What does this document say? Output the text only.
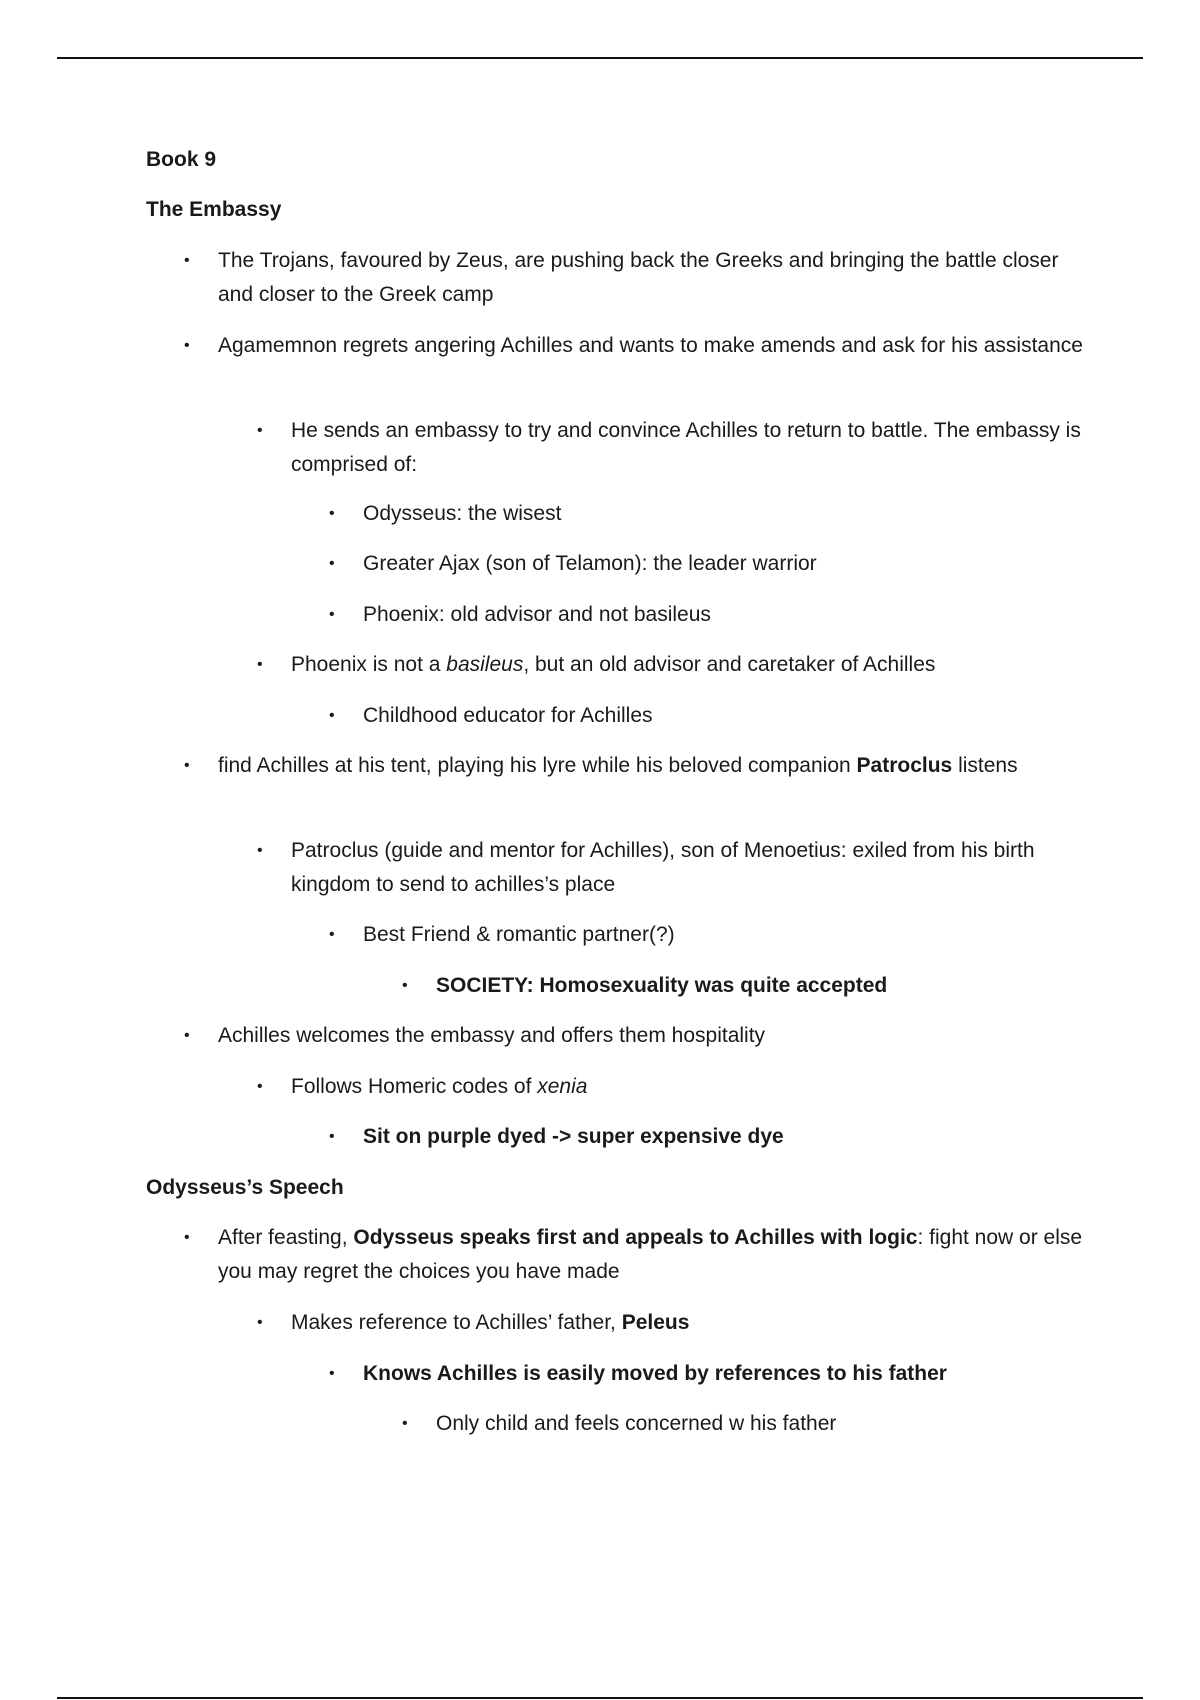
Book 9
The Embassy
• The Trojans, favoured by Zeus, are pushing back the Greeks and bringing the battle closer and closer to the Greek camp
• Agamemnon regrets angering Achilles and wants to make amends and ask for his assistance
• He sends an embassy to try and convince Achilles to return to battle. The embassy is comprised of:
• Odysseus: the wisest
• Greater Ajax (son of Telamon): the leader warrior
• Phoenix: old advisor and not basileus
• Phoenix is not a basileus, but an old advisor and caretaker of Achilles
• Childhood educator for Achilles
• find Achilles at his tent, playing his lyre while his beloved companion Patroclus listens
• Patroclus (guide and mentor for Achilles), son of Menoetius: exiled from his birth kingdom to send to achilles’s place
• Best Friend & romantic partner(?)
• SOCIETY: Homosexuality was quite accepted
• Achilles welcomes the embassy and offers them hospitality
• Follows Homeric codes of xenia
• Sit on purple dyed -> super expensive dye
Odysseus’s Speech
• After feasting, Odysseus speaks first and appeals to Achilles with logic: fight now or else you may regret the choices you have made
• Makes reference to Achilles’ father, Peleus
• Knows Achilles is easily moved by references to his father
• Only child and feels concerned w his father
